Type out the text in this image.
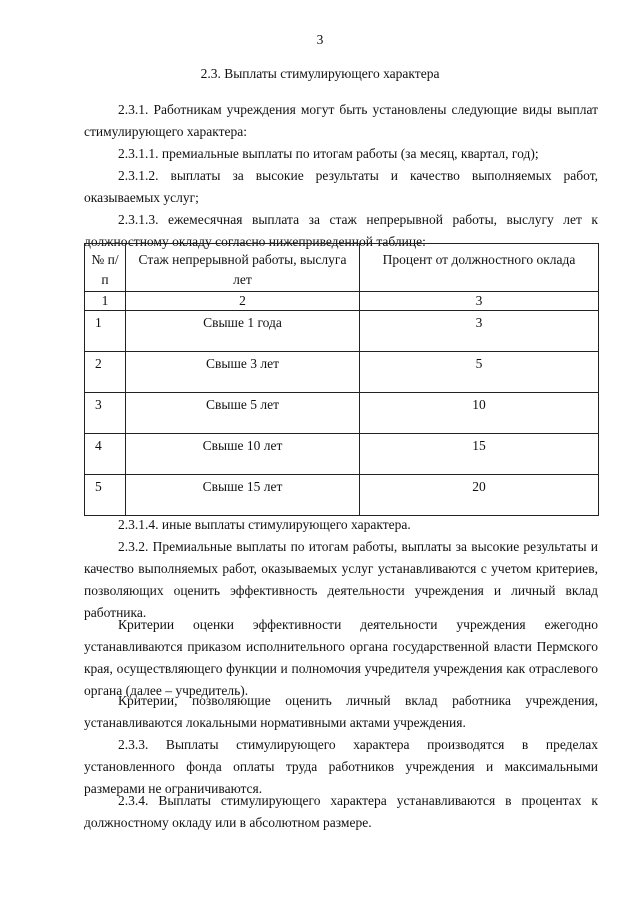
3
2.3. Выплаты стимулирующего характера

2.3.1. Работникам учреждения могут быть установлены следующие виды выплат стимулирующего характера:

2.3.1.1. премиальные выплаты по итогам работы (за месяц, квартал, год);

2.3.1.2. выплаты за высокие результаты и качество выполняемых работ, оказываемых услуг;

2.3.1.3. ежемесячная выплата за стаж непрерывной работы, выслугу лет к должностному окладу согласно нижеприведенной таблице:

№ п/п	Стаж непрерывной работы, выслуга лет	Процент от должностного оклада
1	2	3
1	Свыше 1 года	3
2	Свыше 3 лет	5
3	Свыше 5 лет	10
4	Свыше 10 лет	15
5	Свыше 15 лет	20

2.3.1.4. иные выплаты стимулирующего характера.

2.3.2. Премиальные выплаты по итогам работы, выплаты за высокие результаты и качество выполняемых работ, оказываемых услуг устанавливаются с учетом критериев, позволяющих оценить эффективность деятельности учреждения и личный вклад работника.

Критерии оценки эффективности деятельности учреждения ежегодно устанавливаются приказом исполнительного органа государственной власти Пермского края, осуществляющего функции и полномочия учредителя учреждения как отраслевого органа (далее – учредитель).

Критерии, позволяющие оценить личный вклад работника учреждения, устанавливаются локальными нормативными актами учреждения.

2.3.3. Выплаты стимулирующего характера производятся в пределах установленного фонда оплаты труда работников учреждения и максимальными размерами не ограничиваются.

2.3.4. Выплаты стимулирующего характера устанавливаются в процентах к должностному окладу или в абсолютном размере.
